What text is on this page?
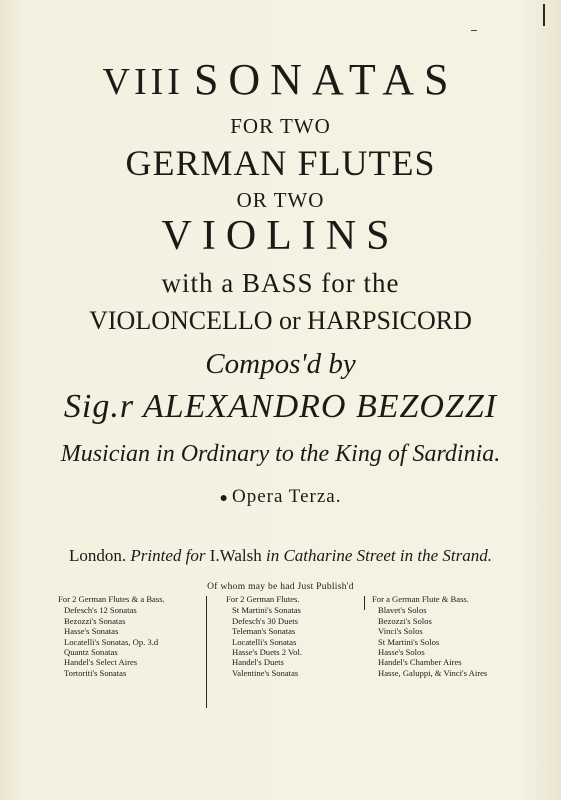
VIII SONATAS
FOR TWO
GERMAN FLUTES
OR TWO
VIOLINS
with a BASS for the
VIOLONCELLO or HARPSICORD
Compos'd by
Sig.r ALEXANDRO BEZOZZI
Musician in Ordinary to the King of Sardinia.
● Opera Terza.
London. Printed for I.Walsh in Catharine Street in the Strand.
Of whom may be had Just Publish'd
For 2 German Flutes & a Bass.
Defesch's 12 Sonatas
Bezozzi's Sonatas
Hasse's Sonatas
Locatelli's Sonatas, Op. 3.d
Quantz Sonatas
Handel's Select Aires
Tortoriti's Sonatas
For 2 German Flutes.
St Martini's Sonatas
Defesch's 30 Duets
Teleman's Sonatas
Locatelli's Sonatas
Hasse's Duets 2 Vol.
Handel's Duets
Valentine's Sonatas
For a German Flute & Bass.
Blavet's Solos
Bezozzi's Solos
Vinci's Solos
St Martini's Solos
Hasse's Solos
Handel's Chamber Aires
Hasse, Galuppi, & Vinci's Aires
